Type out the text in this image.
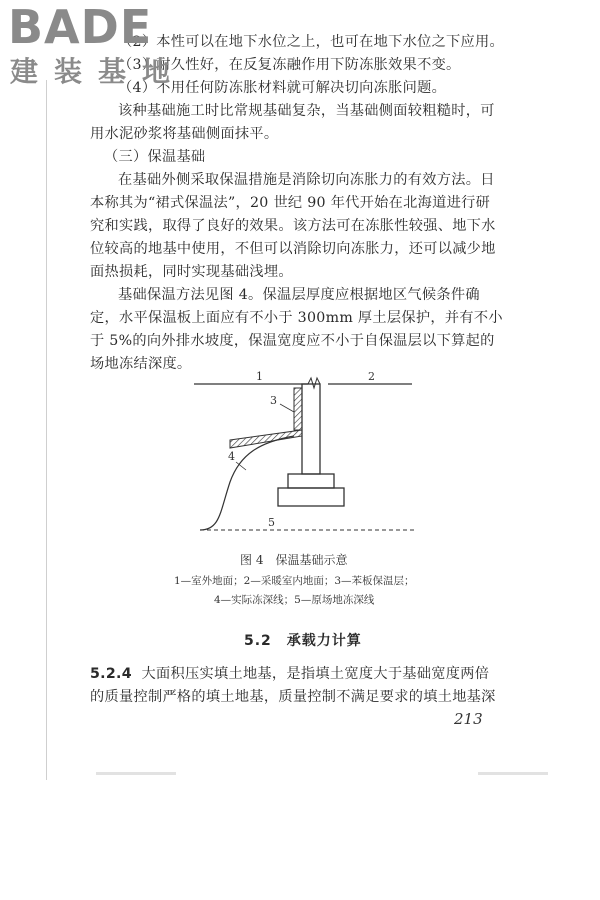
（2）本性可以在地下水位之上，也可在地下水位之下应用。
（3）耐久性好，在反复冻融作用下防冻胀效果不变。
（4）不用任何防冻胀材料就可解决切向冻胀问题。
该种基础施工时比常规基础复杂，当基础侧面较粗糙时，可
用水泥砂浆将基础侧面抹平。
（三）保温基础
在基础外侧采取保温措施是消除切向冻胀力的有效方法。日
本称其为“裙式保温法”，20 世纪 90 年代开始在北海道进行研
究和实践，取得了良好的效果。该方法可在冻胀性较强、地下水
位较高的地基中使用，不但可以消除切向冻胀力，还可以减少地
面热损耗，同时实现基础浅埋。
基础保温方法见图 4。保温层厚度应根据地区气候条件确
定，水平保温板上面应有不小于 300mm 厚土层保护，并有不小
于 5%的向外排水坡度，保温宽度应不小于自保温层以下算起的
场地冻结深度。
BADE
建装基地
1	2
3
4
5
图 4　保温基础示意
1—室外地面；2—采暖室内地面；3—苯板保温层；
4—实际冻深线；5—原场地冻深线
5.2　承载力计算
5.2.4 大面积压实填土地基，是指填土宽度大于基础宽度两倍
的质量控制严格的填土地基，质量控制不满足要求的填土地基深
213
